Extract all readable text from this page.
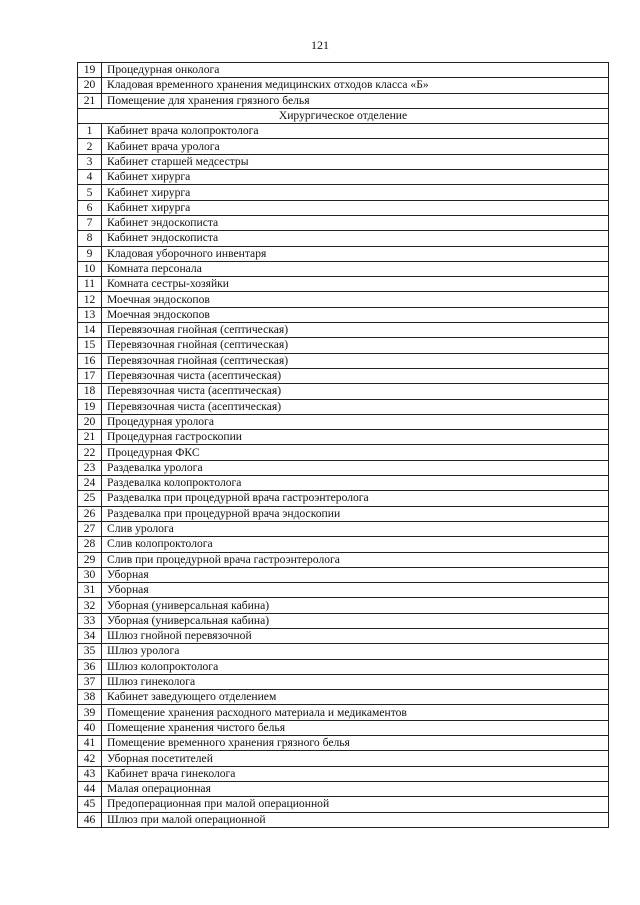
121
19	Процедурная онколога
20	Кладовая временного хранения медицинских отходов класса «Б»
21	Помещение для хранения грязного белья
Хирургическое отделение	
1	Кабинет врача колопроктолога
2	Кабинет врача уролога
3	Кабинет старшей медсестры
4	Кабинет хирурга
5	Кабинет хирурга
6	Кабинет хирурга
7	Кабинет эндоскописта
8	Кабинет эндоскописта
9	Кладовая уборочного инвентаря
10	Комната персонала
11	Комната сестры-хозяйки
12	Моечная эндоскопов
13	Моечная эндоскопов
14	Перевязочная гнойная (септическая)
15	Перевязочная гнойная (септическая)
16	Перевязочная гнойная (септическая)
17	Перевязочная чиста (асептическая)
18	Перевязочная чиста (асептическая)
19	Перевязочная чиста (асептическая)
20	Процедурная уролога
21	Процедурная гастроскопии
22	Процедурная ФКС
23	Раздевалка уролога
24	Раздевалка колопроктолога
25	Раздевалка при процедурной врача гастроэнтеролога
26	Раздевалка при процедурной врача эндоскопии
27	Слив уролога
28	Слив колопроктолога
29	Слив при процедурной врача гастроэнтеролога
30	Уборная
31	Уборная
32	Уборная (универсальная кабина)
33	Уборная (универсальная кабина)
34	Шлюз гнойной перевязочной
35	Шлюз уролога
36	Шлюз колопроктолога
37	Шлюз гинеколога
38	Кабинет заведующего отделением
39	Помещение хранения расходного материала и медикаментов
40	Помещение хранения чистого белья
41	Помещение временного хранения грязного белья
42	Уборная посетителей
43	Кабинет врача гинеколога
44	Малая операционная
45	Предоперационная при малой операционной
46	Шлюз при малой операционной
